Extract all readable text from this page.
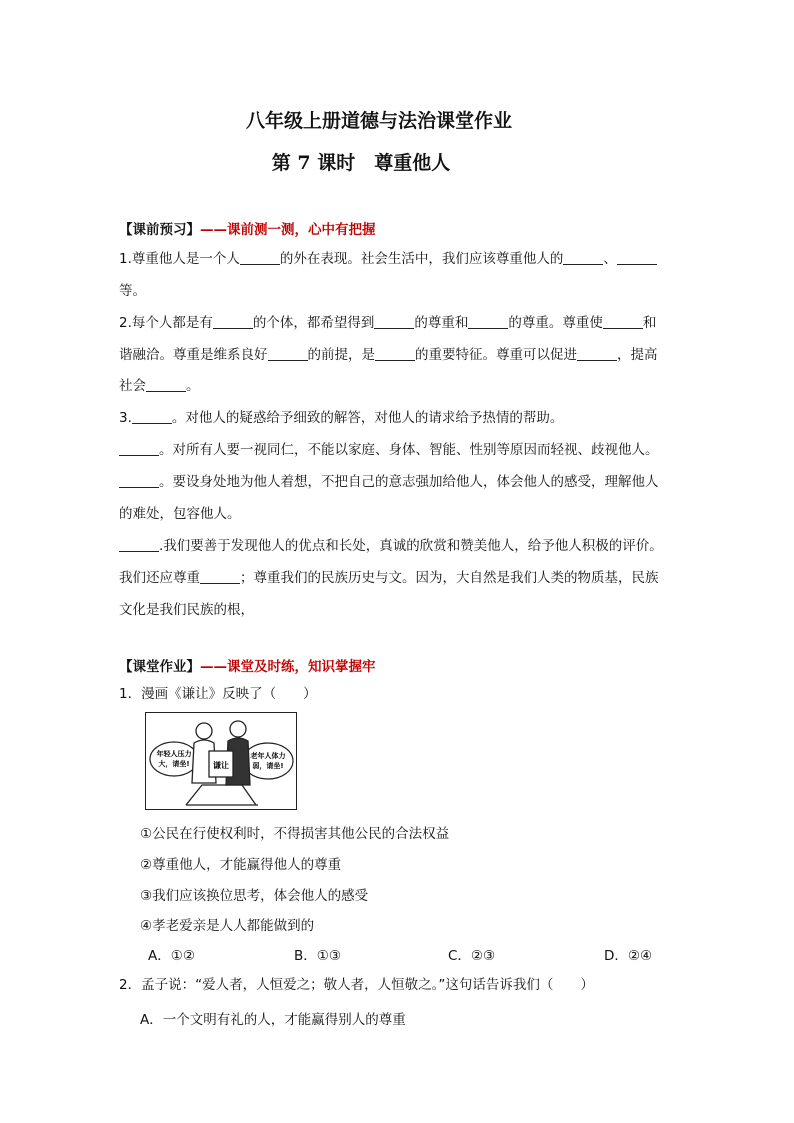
八年级上册道德与法治课堂作业
第 7 课时　尊重他人
【课前预习】——课前测一测，心中有把握
1.尊重他人是一个人	的外在表现。社会生活中，我们应该尊重他人的	、
等。
2.每个人都是有	的个体，都希望得到	的尊重和	的尊重。尊重使	和
谐融洽。尊重是维系良好	的前提，是	的重要特征。尊重可以促进	，提高
社会	。
3.	。对他人的疑惑给予细致的解答，对他人的请求给予热情的帮助。
。对所有人要一视同仁，不能以家庭、身体、智能、性别等原因而轻视、歧视他人。
。要设身处地为他人着想，不把自己的意志强加给他人，体会他人的感受，理解他人
的难处，包容他人。
.我们要善于发现他人的优点和长处，真诚的欣赏和赞美他人，给予他人积极的评价。
我们还应尊重	；尊重我们的民族历史与文。因为，大自然是我们人类的物质基，民族
文化是我们民族的根，
【课堂作业】——课堂及时练，知识掌握牢
1．漫画《谦让》反映了（　　）
年轻人压力
大，请坐!
老年人体力
弱，请坐!
谦让
①公民在行使权利时，不得损害其他公民的合法权益
②尊重他人，才能赢得他人的尊重
③我们应该换位思考，体会他人的感受
④孝老爱亲是人人都能做到的
A．①②	B．①③	C．②③	D．②④
2．孟子说：“爱人者，人恒爱之；敬人者，人恒敬之。”这句话告诉我们（　　）
A．一个文明有礼的人，才能赢得别人的尊重
